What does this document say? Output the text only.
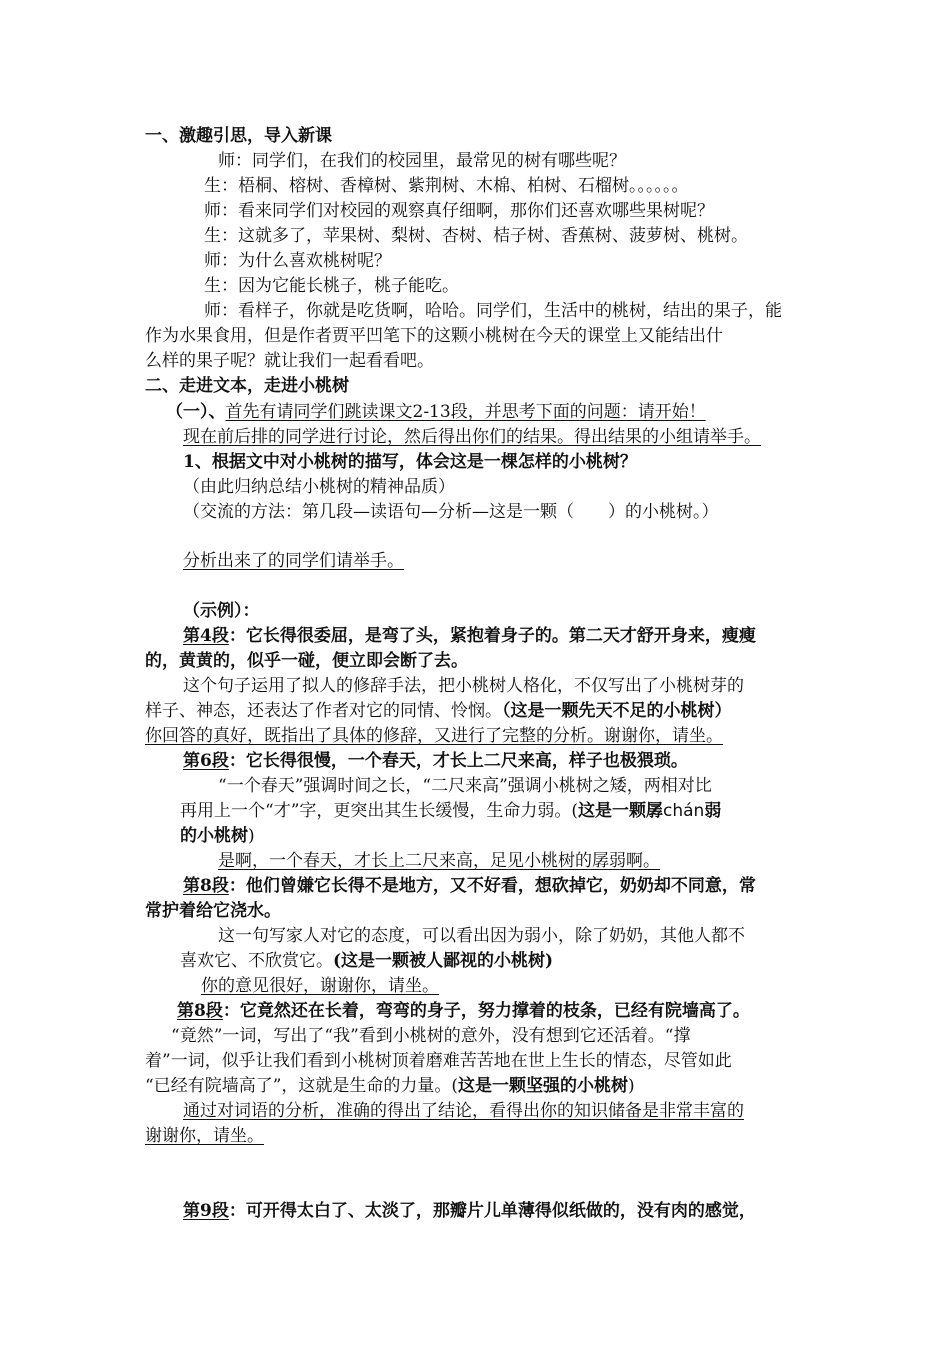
一、激趣引思，导入新课
师：同学们，在我们的校园里，最常见的树有哪些呢？
生：梧桐、榕树、香樟树、紫荆树、木棉、柏树、石榴树。。。。。。
师：看来同学们对校园的观察真仔细啊，那你们还喜欢哪些果树呢？
生：这就多了，苹果树、梨树、杏树、桔子树、香蕉树、菠萝树、桃树。
师：为什么喜欢桃树呢？
生：因为它能长桃子，桃子能吃。
师：看样子，你就是吃货啊，哈哈。同学们，生活中的桃树，结出的果子，能
作为水果食用，但是作者贾平凹笔下的这颗小桃树在今天的课堂上又能结出什
么样的果子呢？就让我们一起看看吧。
二、走进文本，走进小桃树
（一）、首先有请同学们跳读课文2-13段，并思考下面的问题：请开始！
现在前后排的同学进行讨论，然后得出你们的结果。得出结果的小组请举手。
1、根据文中对小桃树的描写，体会这是一棵怎样的小桃树？
（由此归纳总结小桃树的精神品质）
（交流的方法：第几段—读语句—分析—这是一颗（　　）的小桃树。）
分析出来了的同学们请举手。
（示例）：
第4段：它长得很委屈，是弯了头，紧抱着身子的。第二天才舒开身来，瘦瘦
的，黄黄的，似乎一碰，便立即会断了去。
这个句子运用了拟人的修辞手法，把小桃树人格化，不仅写出了小桃树芽的
样子、神态，还表达了作者对它的同情、怜悯。（这是一颗先天不足的小桃树）
你回答的真好，既指出了具体的修辞，又进行了完整的分析。谢谢你，请坐。
第6段：它长得很慢，一个春天，才长上二尺来高，样子也极猥琐。
“一个春天”强调时间之长，“二尺来高”强调小桃树之矮，两相对比
再用上一个“才”字，更突出其生长缓慢，生命力弱。(这是一颗孱chán弱
的小桃树)
是啊，一个春天，才长上二尺来高，足见小桃树的孱弱啊。
第8段：他们曾嫌它长得不是地方，又不好看，想砍掉它，奶奶却不同意，常
常护着给它浇水。
这一句写家人对它的态度，可以看出因为弱小，除了奶奶，其他人都不
喜欢它、不欣赏它。(这是一颗被人鄙视的小桃树)
你的意见很好，谢谢你，请坐。
第8段：它竟然还在长着，弯弯的身子，努力撑着的枝条，已经有院墙高了。
“竟然”一词，写出了“我”看到小桃树的意外，没有想到它还活着。“撑
着”一词，似乎让我们看到小桃树顶着磨难苦苦地在世上生长的情态，尽管如此
“已经有院墙高了”，这就是生命的力量。(这是一颗坚强的小桃树)
通过对词语的分析，准确的得出了结论，看得出你的知识储备是非常丰富的
谢谢你，请坐。
第9段：可开得太白了、太淡了，那瓣片儿单薄得似纸做的，没有肉的感觉，
